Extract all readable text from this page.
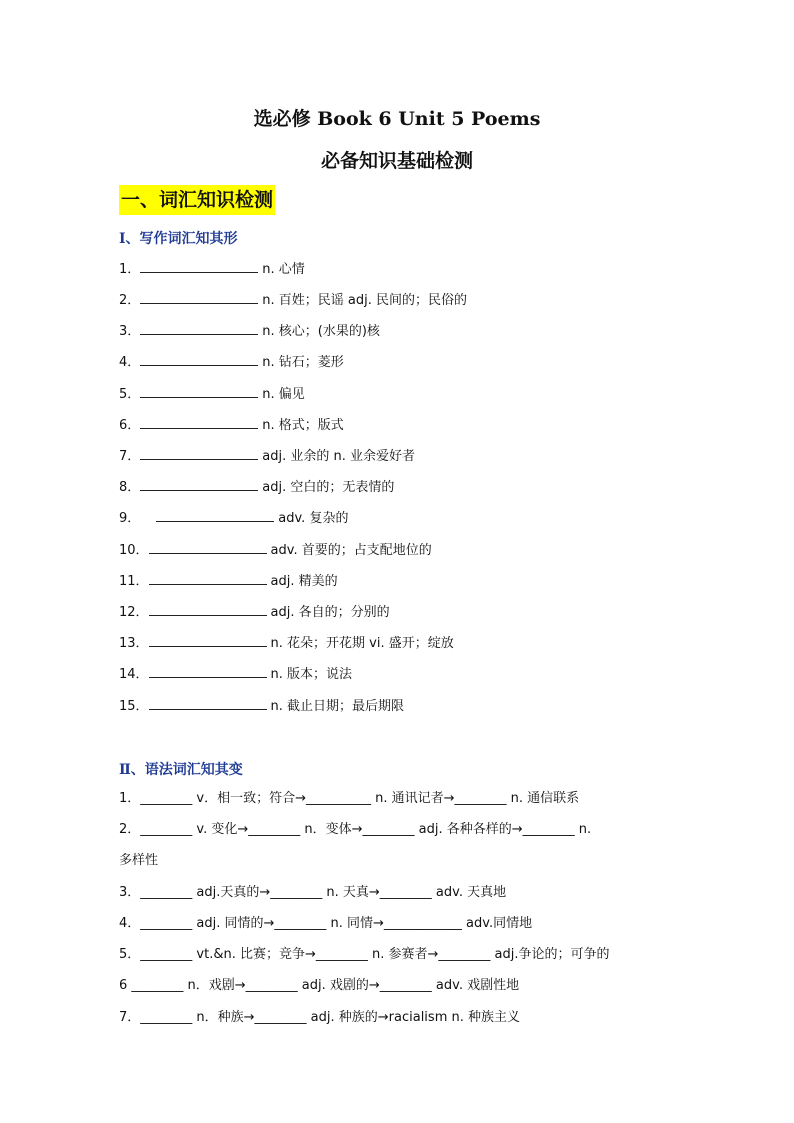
选必修 Book 6 Unit 5 Poems
必备知识基础检测
一、词汇知识检测
Ⅰ、写作词汇知其形
1．	n. 心情
2．	n. 百姓；民谣 adj. 民间的；民俗的
3．	n. 核心；(水果的)核
4．	n. 钻石；菱形
5．	n. 偏见
6．	n. 格式；版式
7．	adj. 业余的 n. 业余爱好者
8．	adj. 空白的；无表情的
9．	adv. 复杂的
10．	adv. 首要的；占支配地位的
11．	adj. 精美的
12．	adj. 各自的；分别的
13．	n. 花朵；开花期 vi. 盛开；绽放
14．	n. 版本；说法
15．	n. 截止日期；最后期限
Ⅱ、语法词汇知其变
1．________ v．相一致；符合→__________ n. 通讯记者→________ n. 通信联系
2．________ v. 变化→________ n．变体→________ adj. 各种各样的→________ n.
多样性
3．________ adj.天真的→________ n. 天真→________ adv. 天真地
4．________ adj. 同情的→________ n. 同情→____________ adv.同情地
5．________ vt.&n. 比赛；竞争→________ n. 参赛者→________ adj.争论的；可争的
6 ________ n．戏剧→________ adj. 戏剧的→________ adv. 戏剧性地
7．________ n．种族→________ adj. 种族的→racialism n. 种族主义
